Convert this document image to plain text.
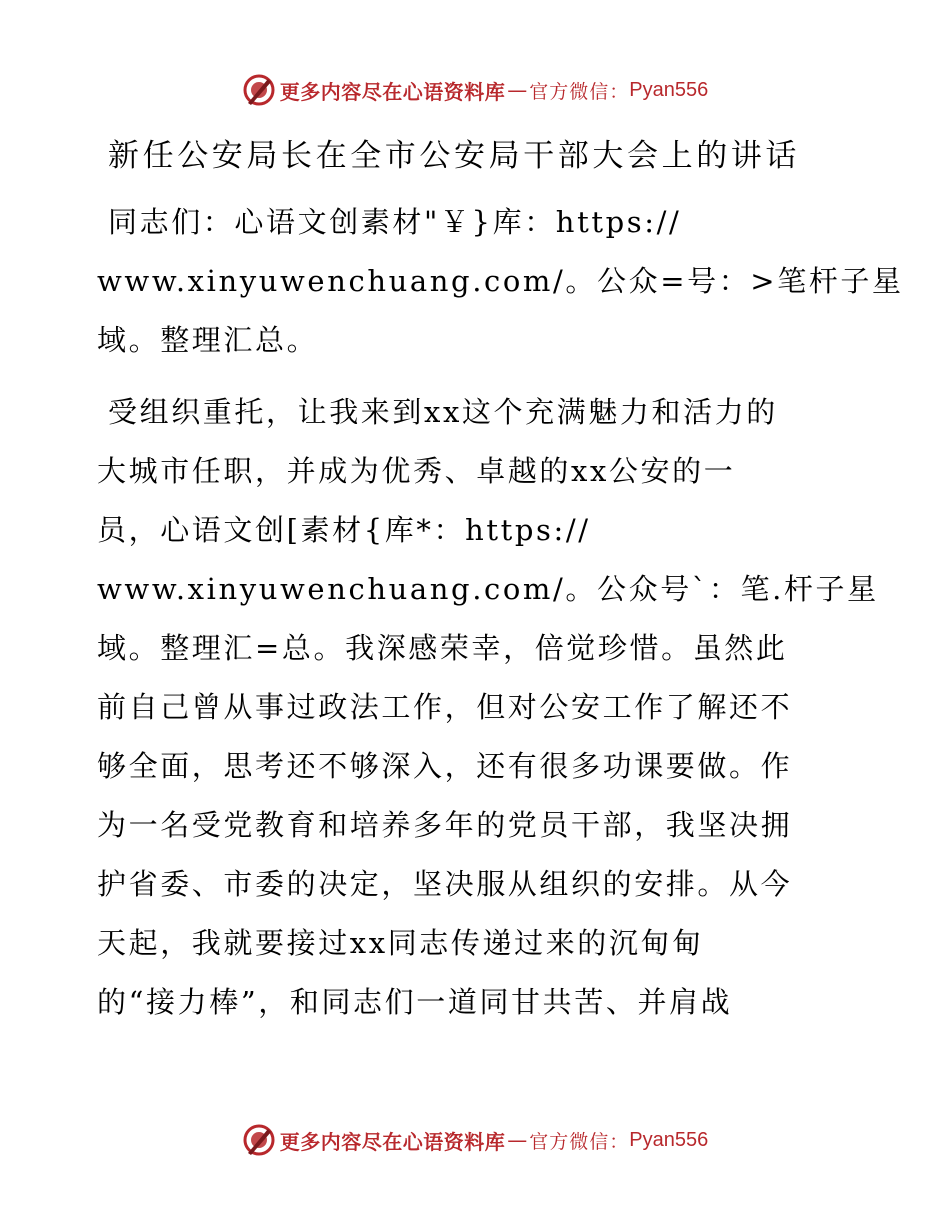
更多内容尽在心语资料库 — 官方微信： Pyan556
新任公安局长在全市公安局干部大会上的讲话

同志们：心语文创素材"￥}库：https://

www.xinyuwenchuang.com/。公众=号：>笔杆子星

域。整理汇总。

受组织重托，让我来到xx这个充满魅力和活力的

大城市任职，并成为优秀、卓越的xx公安的一

员，心语文创[素材{库*：https://

www.xinyuwenchuang.com/。公众号`：笔.杆子星

域。整理汇=总。我深感荣幸，倍觉珍惜。虽然此

前自己曾从事过政法工作，但对公安工作了解还不

够全面，思考还不够深入，还有很多功课要做。作

为一名受党教育和培养多年的党员干部，我坚决拥

护省委、市委的决定，坚决服从组织的安排。从今

天起，我就要接过xx同志传递过来的沉甸甸

的“接力棒”，和同志们一道同甘共苦、并肩战

更多内容尽在心语资料库 — 官方微信： Pyan556
